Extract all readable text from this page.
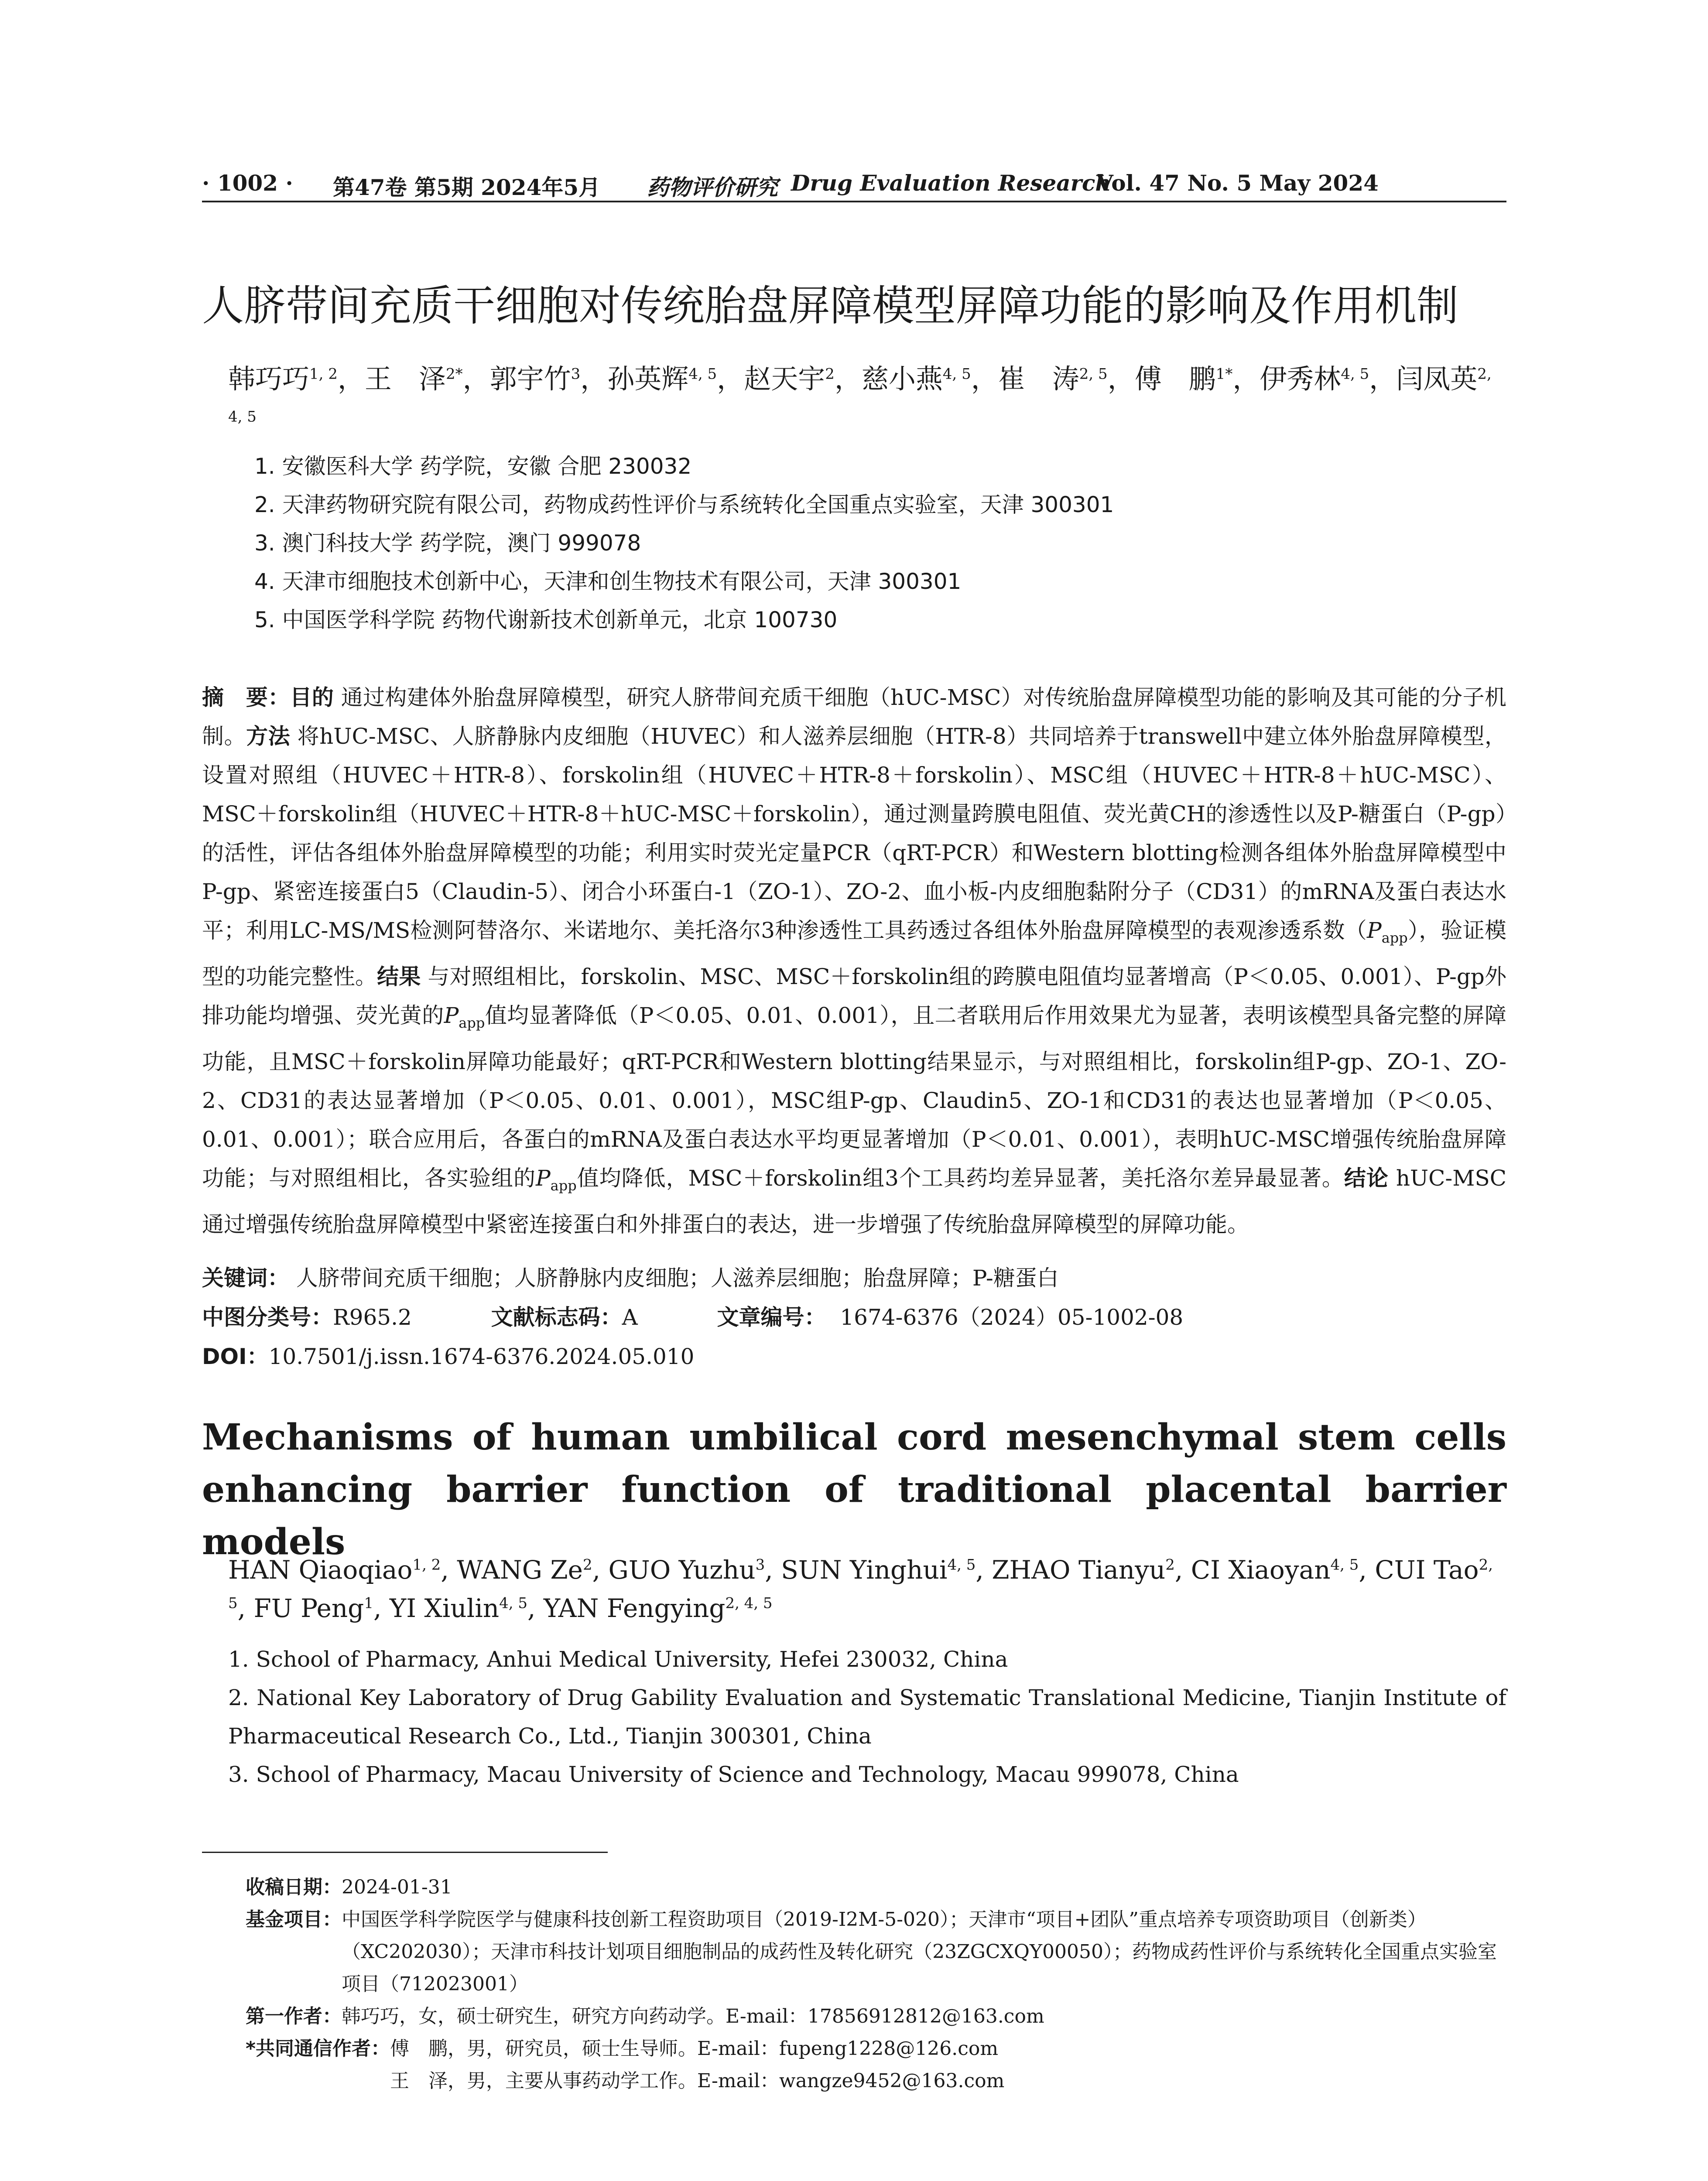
· 1002 · 第47卷 第5期 2024年5月 药物评价研究 Drug Evaluation Research
Vol. 47 No. 5 May 2024
人脐带间充质干细胞对传统胎盘屏障模型屏障功能的影响及作用机制
韩巧巧$^{1, 2}$，王　泽$^{2*}$，郭宇竹$^3$，孙英辉$^{4, 5}$，赵天宇$^2$，慈小燕$^{4, 5}$，崔　涛$^{2, 5}$，傅　鹏$^{1*}$，伊秀林$^{4, 5}$，闫凤英$^{2, 4, 5}$
1. 安徽医科大学 药学院，安徽 合肥 230032
2. 天津药物研究院有限公司，药物成药性评价与系统转化全国重点实验室，天津 300301
3. 澳门科技大学 药学院，澳门 999078
4. 天津市细胞技术创新中心，天津和创生物技术有限公司，天津 300301
5. 中国医学科学院 药物代谢新技术创新单元，北京 100730
摘　要：目的 通过构建体外胎盘屏障模型，研究人脐带间充质干细胞（hUC-MSC）对传统胎盘屏障模型功能的影响及其可能的分子机制。方法 将hUC-MSC、人脐静脉内皮细胞（HUVEC）和人滋养层细胞（HTR-8）共同培养于transwell中建立体外胎盘屏障模型，设置对照组（HUVEC＋HTR-8）、forskolin组（HUVEC＋HTR-8＋forskolin）、MSC组（HUVEC＋HTR-8＋hUC-MSC）、MSC＋forskolin组（HUVEC＋HTR-8＋hUC-MSC＋forskolin），通过测量跨膜电阻值、荧光黄CH的渗透性以及P-糖蛋白（P-gp）的活性，评估各组体外胎盘屏障模型的功能；利用实时荧光定量PCR（qRT-PCR）和Western blotting检测各组体外胎盘屏障模型中P-gp、紧密连接蛋白5（Claudin-5）、闭合小环蛋白-1（ZO-1）、ZO-2、血小板-内皮细胞黏附分子（CD31）的mRNA及蛋白表达水平；利用LC-MS/MS检测阿替洛尔、米诺地尔、美托洛尔3种渗透性工具药透过各组体外胎盘屏障模型的表观渗透系数$(P_{app})$，验证模型的功能完整性。结果 与对照组相比，forskolin、MSC、MSC＋forskolin组的跨膜电阻值均显著增高（P＜0.05、0.001）、P-gp外排功能均增强、荧光黄的$P_{app}$值均显著降低（P＜0.05、0.01、0.001），且二者联用后作用效果尤为显著，表明该模型具备完整的屏障功能，且MSC＋forskolin屏障功能最好；qRT-PCR和Western blotting结果显示，与对照组相比，forskolin组P-gp、ZO-1、ZO-2、CD31的表达显著增加（P＜0.05、0.01、0.001），MSC组P-gp、Claudin5、ZO-1和CD31的表达也显著增加（P＜0.05、0.01、0.001）；联合应用后，各蛋白的mRNA及蛋白表达水平均更显著增加（P＜0.01、0.001），表明hUC-MSC增强传统胎盘屏障功能；与对照组相比，各实验组的$P_{app}$值均降低，MSC＋forskolin组3个工具药均差异显著，美托洛尔差异最显著。结论 hUC-MSC通过增强传统胎盘屏障模型中紧密连接蛋白和外排蛋白的表达，进一步增强了传统胎盘屏障模型的屏障功能。
关键词： 人脐带间充质干细胞；人脐静脉内皮细胞；人滋养层细胞；胎盘屏障；P-糖蛋白
中图分类号：R965.2	文献标志码：A	文章编号： 1674-6376（2024）05-1002-08
DOI：10.7501/j.issn.1674-6376.2024.05.010
Mechanisms of human umbilical cord mesenchymal stem cells enhancing barrier function of traditional placental barrier models
HAN Qiaoqiao$^{1, 2}$, WANG Ze$^2$, GUO Yuzhu$^3$, SUN Yinghui$^{4, 5}$, ZHAO Tianyu$^2$, CI Xiaoyan$^{4, 5}$, CUI Tao$^{2, 5}$, FU Peng$^1$, YI Xiulin$^{4, 5}$, YAN Fengying$^{2, 4, 5}$
1. School of Pharmacy, Anhui Medical University, Hefei 230032, China
2. National Key Laboratory of Drug Gability Evaluation and Systematic Translational Medicine, Tianjin Institute of Pharmaceutical Research Co., Ltd., Tianjin 300301, China
3. School of Pharmacy, Macau University of Science and Technology, Macau 999078, China
收稿日期： 2024-01-31
基金项目： 中国医学科学院医学与健康科技创新工程资助项目（2019-I2M-5-020）；天津市“项目+团队”重点培养专项资助项目（创新类）（XC202030）；天津市科技计划项目细胞制品的成药性及转化研究（23ZGCXQY00050）；药物成药性评价与系统转化全国重点实验室项目（712023001）
第一作者： 韩巧巧，女，硕士研究生，研究方向药动学。E-mail：17856912812@163.com
*共同通信作者： 傅　鹏，男，研究员，硕士生导师。E-mail：fupeng1228@126.com
王　泽，男，主要从事药动学工作。E-mail：wangze9452@163.com
